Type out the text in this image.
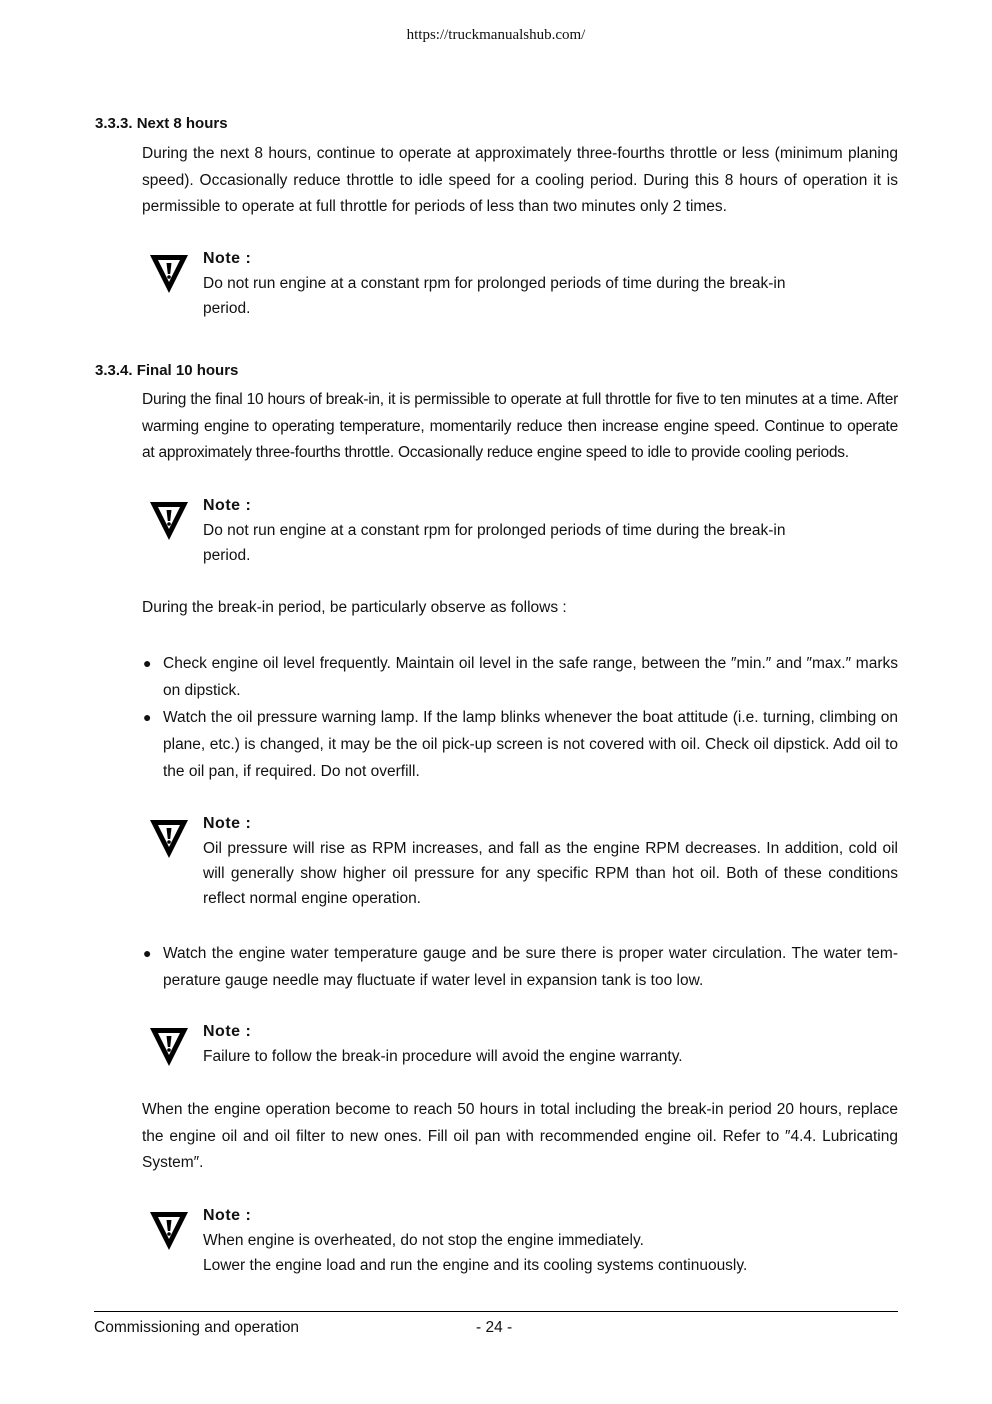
https://truckmanualshub.com/
3.3.3. Next 8 hours
During the next 8 hours, continue to operate at approximately three-fourths throttle or less (minimum planing speed). Occasionally reduce throttle to idle speed for a cooling period. During this 8 hours of operation it is permissible to operate at full throttle for periods of less than two minutes only 2 times.
Note :
Do not run engine at a constant rpm for prolonged periods of time during the break-in
period.
3.3.4. Final 10 hours
During the final 10 hours of break-in, it is permissible to operate at full throttle for five to ten minutes at a time. After warming engine to operating temperature, momentarily reduce then increase engine speed. Continue to operate at approximately three-fourths throttle. Occasionally reduce engine speed to idle to provide cooling periods.
Note :
Do not run engine at a constant rpm for prolonged periods of time during the break-in
period.
During the break-in period, be particularly observe as follows :
● Check engine oil level frequently. Maintain oil level in the safe range, between the ″min.″ and ″max.″ marks on dipstick.
● Watch the oil pressure warning lamp. If the lamp blinks whenever the boat attitude (i.e. turning, climbing on plane, etc.) is changed, it may be the oil pick-up screen is not covered with oil. Check oil dipstick. Add oil to the oil pan, if required. Do not overfill.
Note :
Oil pressure will rise as RPM increases, and fall as the engine RPM decreases. In addition, cold oil will generally show higher oil pressure for any specific RPM than hot oil. Both of these conditions reflect normal engine operation.
● Watch the engine water temperature gauge and be sure there is proper water circulation. The water tem-perature gauge needle may fluctuate if water level in expansion tank is too low.
Note :
Failure to follow the break-in procedure will avoid the engine warranty.
When the engine operation become to reach 50 hours in total including the break-in period 20 hours, replace the engine oil and oil filter to new ones. Fill oil pan with recommended engine oil. Refer to ″4.4. Lubricating System″.
Note :
When engine is overheated, do not stop the engine immediately.
Lower the engine load and run the engine and its cooling systems continuously.
Commissioning and operation	- 24 -
